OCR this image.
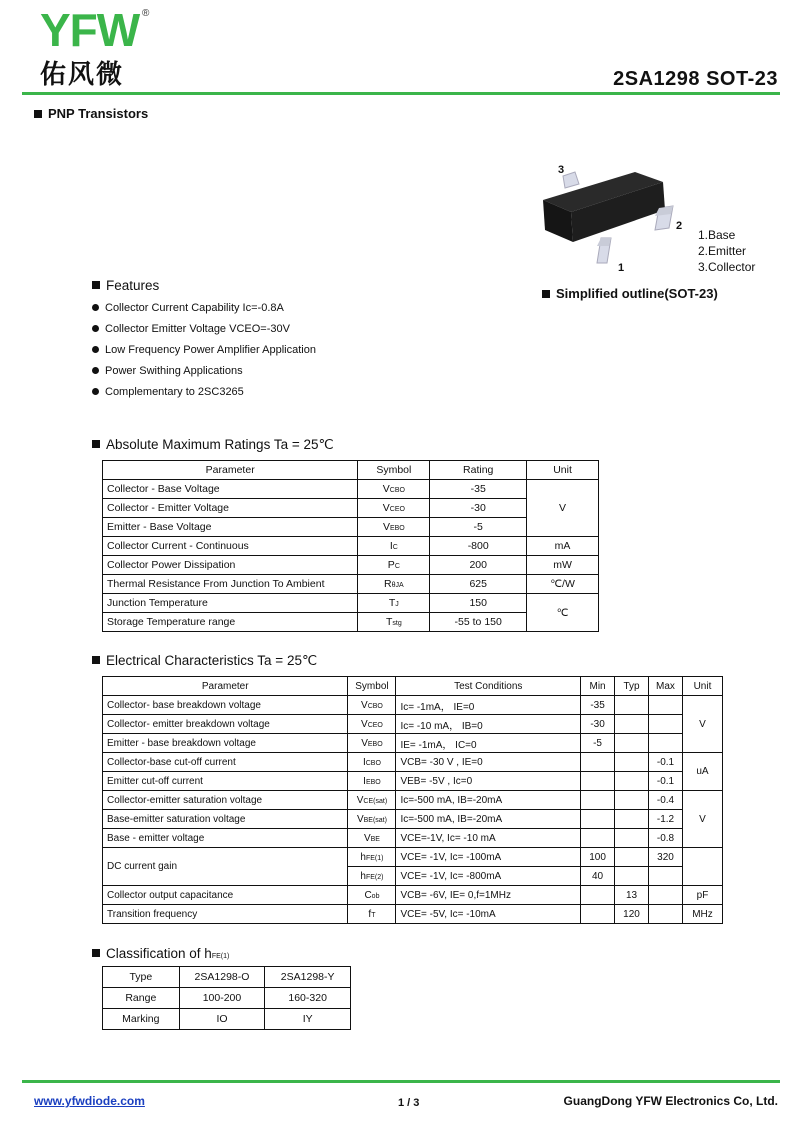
YFW ®
佑风微	2SA1298 SOT-23
PNP Transistors
3
2
1
1.Base
2.Emitter
3.Collector
Simplified outline(SOT-23)
Features
Collector Current Capability Ic=-0.8A
Collector Emitter Voltage VCEO=-30V
Low Frequency Power Amplifier Application
Power Swithing Applications
Complementary to 2SC3265
Absolute Maximum Ratings Ta = 25℃
Parameter	Symbol	Rating	Unit
Collector - Base Voltage	VCBO	-35	V
Collector - Emitter Voltage	VCEO	-30	
Emitter - Base Voltage	VEBO	-5	
Collector Current - Continuous	IC	-800	mA
Collector Power Dissipation	PC	200	mW
Thermal Resistance From Junction To Ambient	RθJA	625	℃/W
Junction Temperature	TJ	150	℃
Storage Temperature range	Tstg	-55 to 150	
Electrical Characteristics Ta = 25℃
Parameter	Symbol	Test Conditions	Min	Typ	Max	Unit
Collector- base breakdown voltage	VCBO	Ic= -1mA， IE=0	-35			V
Collector- emitter breakdown voltage	VCEO	Ic= -10 mA， IB=0	-30			
Emitter - base breakdown voltage	VEBO	IE= -1mA， IC=0	-5			
Collector-base cut-off current	ICBO	VCB= -30 V , IE=0			-0.1	uA
Emitter cut-off current	IEBO	VEB= -5V , Ic=0			-0.1	
Collector-emitter saturation voltage	VCE(sat)	Ic=-500 mA, IB=-20mA			-0.4	V
Base-emitter saturation voltage	VBE(sat)	Ic=-500 mA, IB=-20mA			-1.2	
Base - emitter voltage	VBE	VCE=-1V, Ic= -10 mA			-0.8	
DC current gain	hFE(1)	VCE= -1V, Ic= -100mA	100		320	
	hFE(2)	VCE= -1V, Ic= -800mA	40			
Collector output capacitance	Cob	VCB= -6V, IE= 0,f=1MHz		13		pF
Transition frequency	fT	VCE= -5V, Ic= -10mA		120		MHz
Classification of hFE(1)
Type	2SA1298-O	2SA1298-Y
Range	100-200	160-320
Marking	IO	IY
www.yfwdiode.com	1 / 3	GuangDong YFW Electronics Co, Ltd.
